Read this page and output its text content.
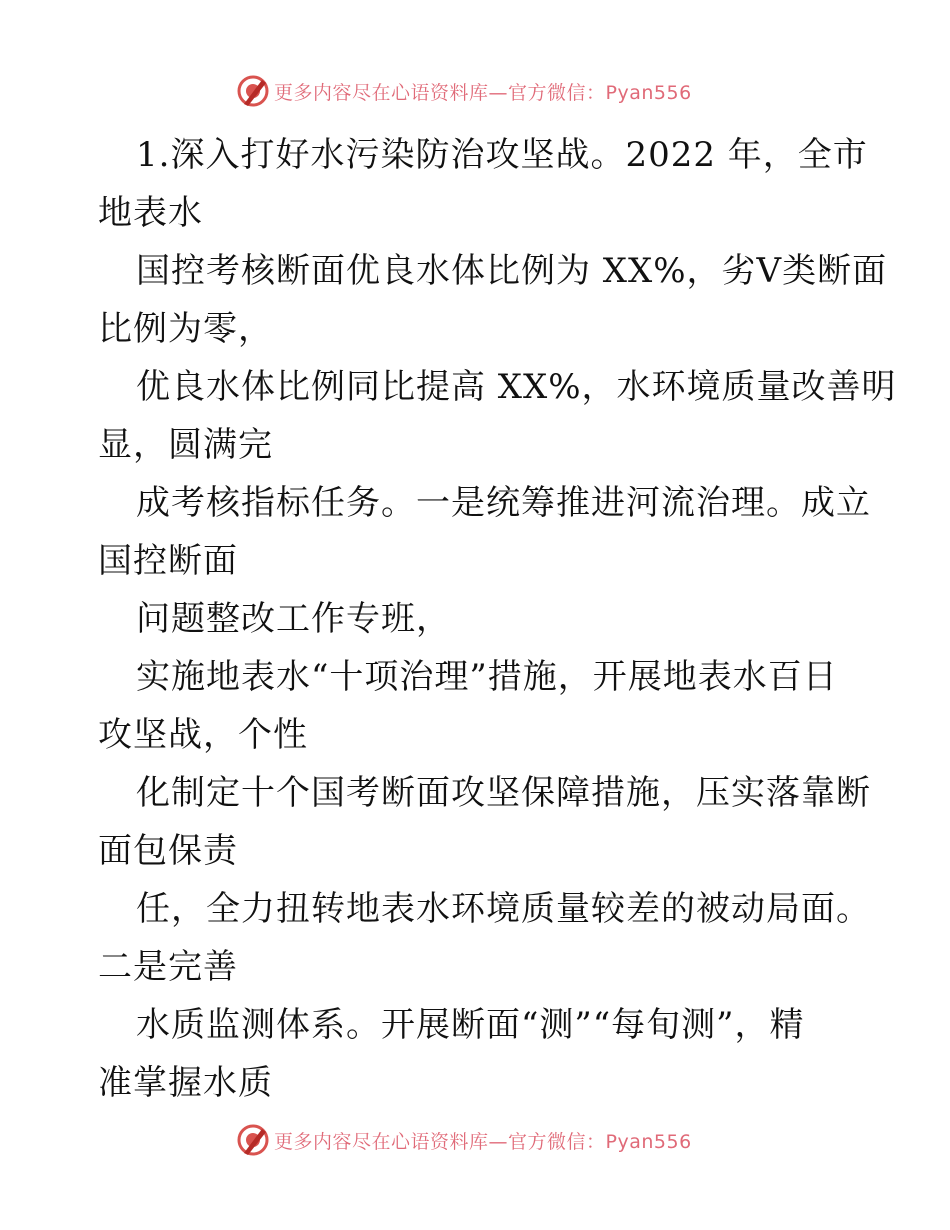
更多内容尽在心语资料库—官方微信：Pyan556
1.深入打好水污染防治攻坚战。2022 年，全市
地表水
国控考核断面优良水体比例为 XX%，劣Ⅴ类断面
比例为零，
优良水体比例同比提高 XX%，水环境质量改善明
显，圆满完
成考核指标任务。一是统筹推进河流治理。成立
国控断面
问题整改工作专班，
实施地表水“十项治理”措施，开展地表水百日
攻坚战，个性
化制定十个国考断面攻坚保障措施，压实落靠断
面包保责
任，全力扭转地表水环境质量较差的被动局面。
二是完善
水质监测体系。开展断面“测”“每旬测”，精
准掌握水质
更多内容尽在心语资料库—官方微信：Pyan556
